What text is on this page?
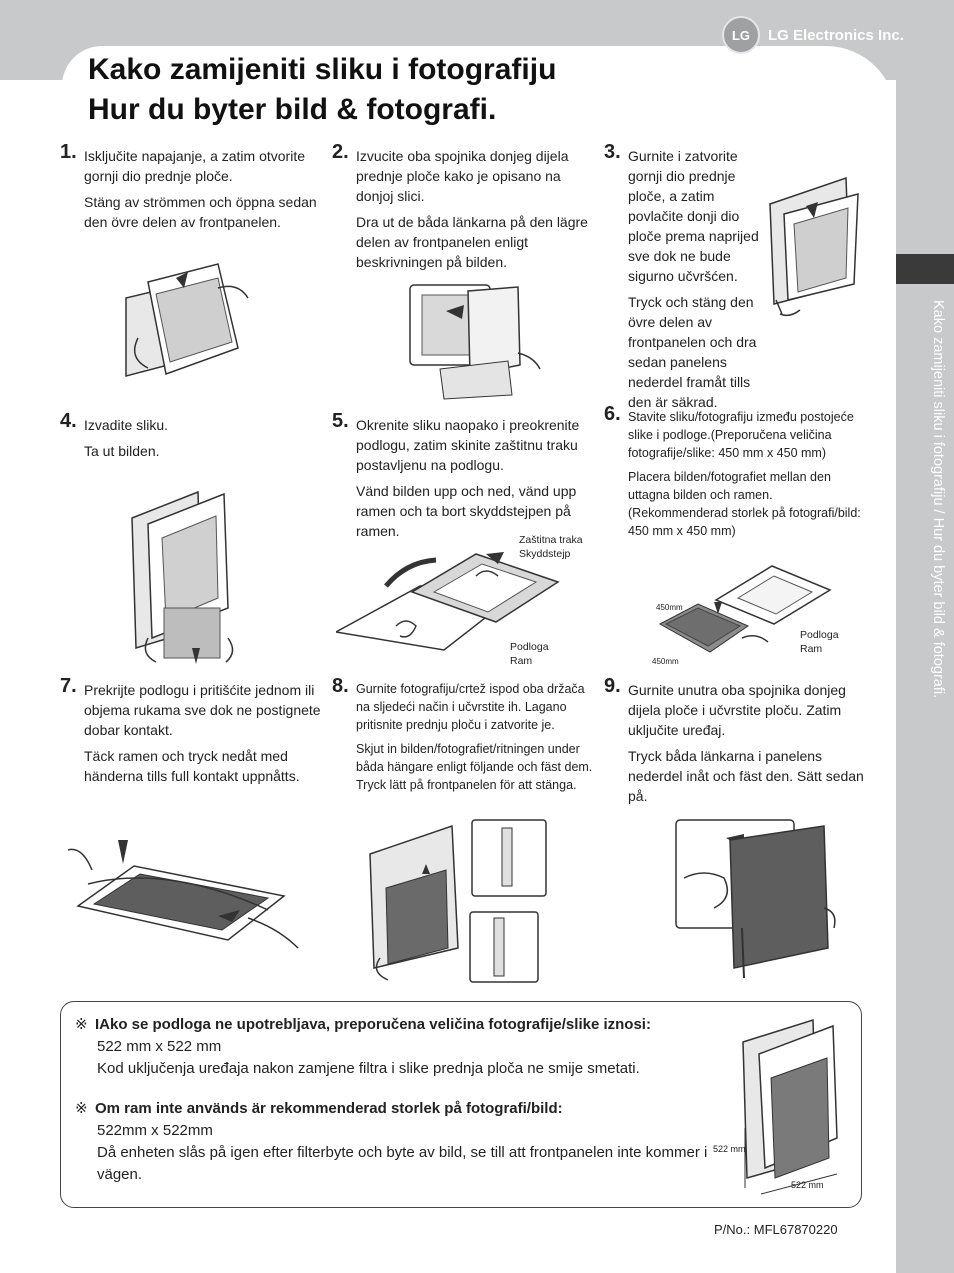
LG	LG Electronics Inc.
Kako zamijeniti sliku i fotografiju
Hur du byter bild & fotografi.
Kako zamijeniti sliku i fotografiju / Hur du byter bild & fotografi.
1. Isključite napajanje, a zatim otvorite gornji dio prednje ploče.

Stäng av strömmen och öppna sedan den övre delen av frontpanelen.

2. Izvucite oba spojnika donjeg dijela prednje ploče kako je opisano na donjoj slici.

Dra ut de båda länkarna på den lägre delen av frontpanelen enligt beskrivningen på bilden.

3. Gurnite i zatvorite gornji dio prednje ploče, a zatim povlačite donji dio ploče prema naprijed sve dok ne bude sigurno učvršćen.

Tryck och stäng den övre delen av frontpanelen och dra sedan panelens nederdel framåt tills den är säkrad.

4. Izvadite sliku.

Ta ut bilden.

5. Okrenite sliku naopako i preokrenite podlogu, zatim skinite zaštitnu traku postavljenu na podlogu.

Vänd bilden upp och ned, vänd upp ramen och ta bort skyddstejpen på ramen.

Zaštitna traka
Skyddstejp
Podloga
Ram
6. Stavite sliku/fotografiju između postojeće slike i podloge.(Preporučena veličina fotografije/slike: 450 mm x 450 mm)

Placera bilden/fotografiet mellan den uttagna bilden och ramen. (Rekommenderad storlek på fotografi/bild: 450 mm x 450 mm)

450mm
450mm
Podloga
Ram
7. Prekrijte podlogu i pritišćite jednom ili objema rukama sve dok ne postignete dobar kontakt.

Täck ramen och tryck nedåt med händerna tills full kontakt uppnåtts.

8. Gurnite fotografiju/crtež ispod oba držača na sljedeći način i učvrstite ih. Lagano pritisnite prednju ploču i zatvorite je.

Skjut in bilden/fotografiet/ritningen under båda hängare enligt följande och fäst dem. Tryck lätt på frontpanelen för att stänga.

9. Gurnite unutra oba spojnika donjeg dijela ploče i učvrstite ploču. Zatim uključite uređaj.

Tryck båda länkarna i panelens nederdel inåt och fäst den. Sätt sedan på.

※ IAko se podloga ne upotrebljava, preporučena veličina fotografije/slike iznosi:
522 mm x 522 mm
Kod uključenja uređaja nakon zamjene filtra i slike prednja ploča ne smije smetati.
※ Om ram inte används är rekommenderad storlek på fotografi/bild:
522mm x 522mm
Då enheten slås på igen efter filterbyte och byte av bild, se till att frontpanelen inte kommer i vägen.
522 mm
522 mm
P/No.: MFL67870220
